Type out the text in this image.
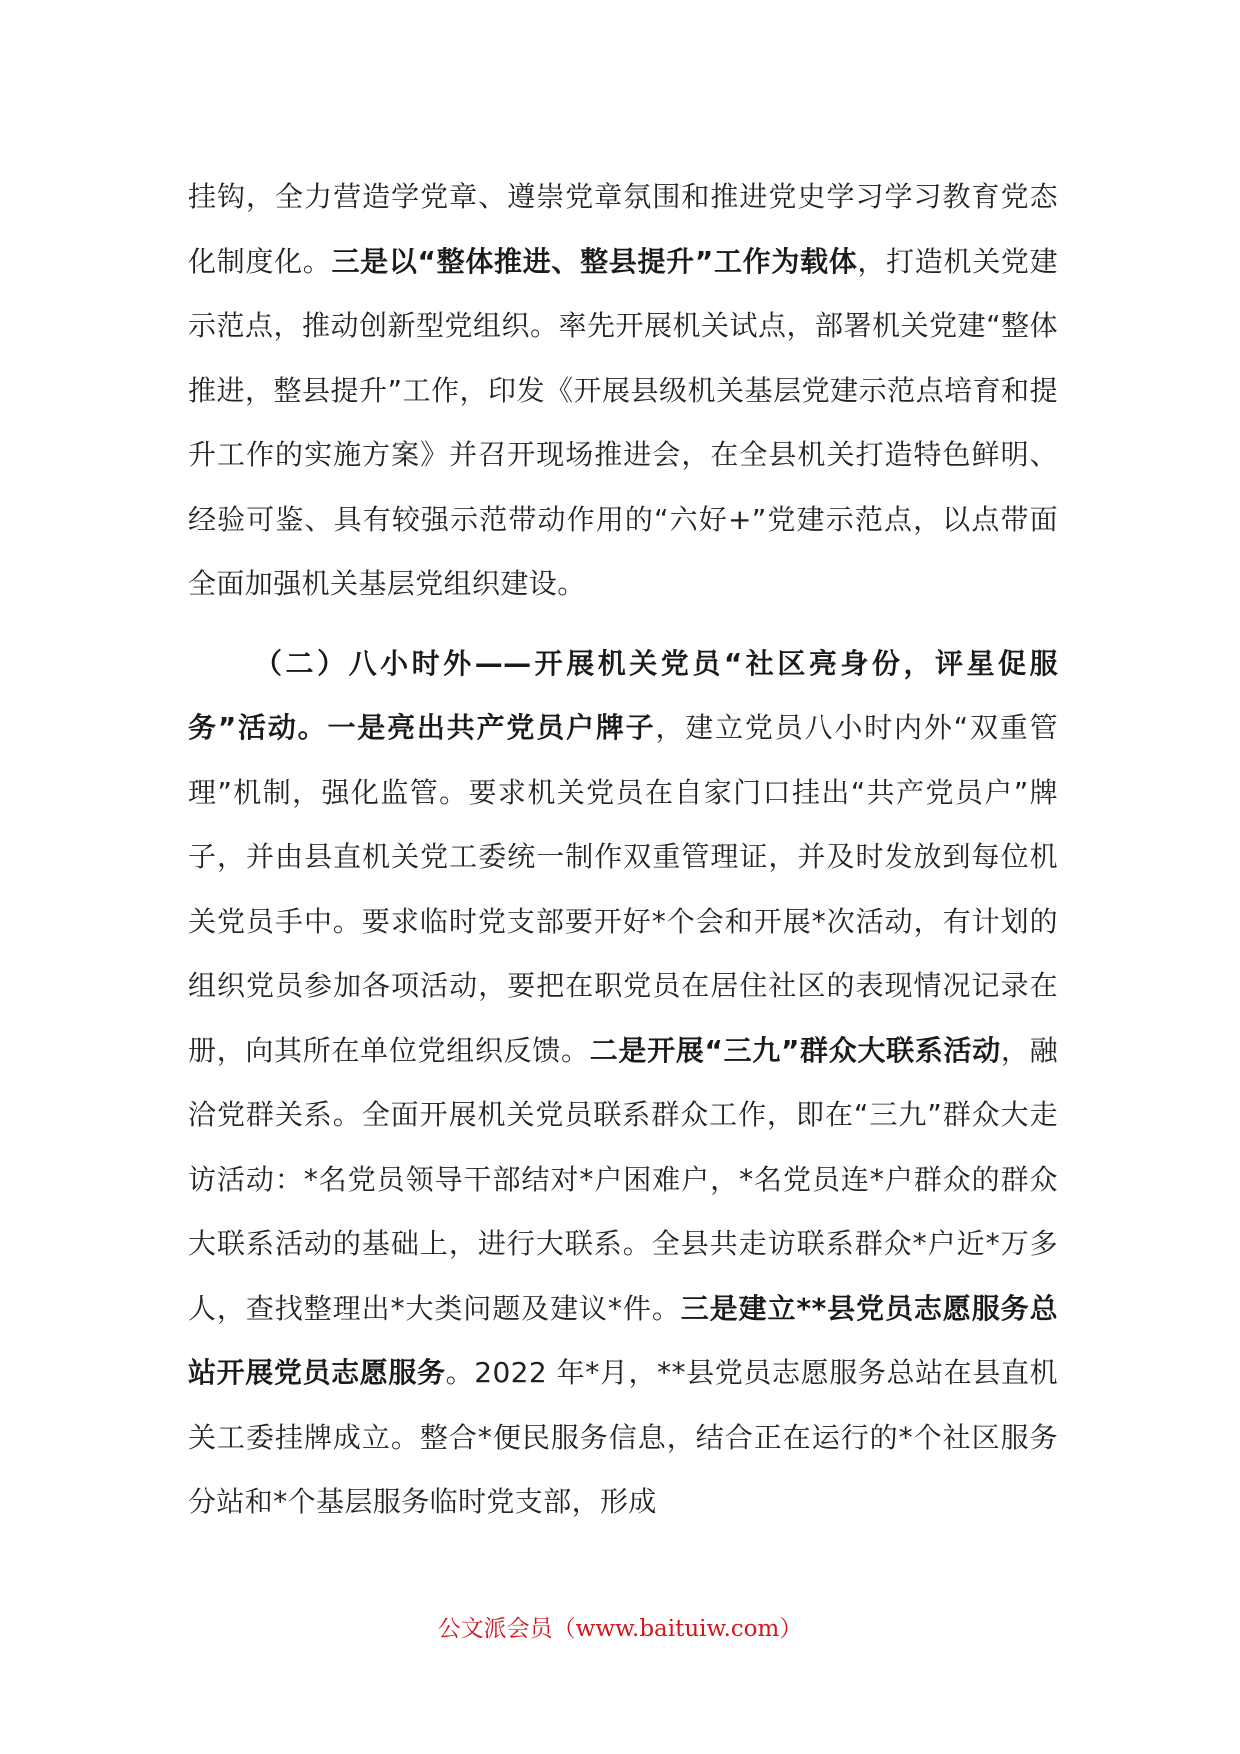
挂钩，全力营造学党章、遵崇党章氛围和推进党史学习学习教育党态化制度化。三是以“整体推进、整县提升”工作为载体，打造机关党建示范点，推动创新型党组织。率先开展机关试点，部署机关党建“整体推进，整县提升”工作，印发《开展县级机关基层党建示范点培育和提升工作的实施方案》并召开现场推进会，在全县机关打造特色鲜明、经验可鉴、具有较强示范带动作用的“六好+”党建示范点，以点带面全面加强机关基层党组织建设。

（二）八小时外——开展机关党员“社区亮身份，评星促服务”活动。一是亮出共产党员户牌子，建立党员八小时内外“双重管理”机制，强化监管。要求机关党员在自家门口挂出“共产党员户”牌子，并由县直机关党工委统一制作双重管理证，并及时发放到每位机关党员手中。要求临时党支部要开好*个会和开展*次活动，有计划的组织党员参加各项活动，要把在职党员在居住社区的表现情况记录在册，向其所在单位党组织反馈。二是开展“三九”群众大联系活动，融洽党群关系。全面开展机关党员联系群众工作，即在“三九”群众大走访活动：*名党员领导干部结对*户困难户，*名党员连*户群众的群众大联系活动的基础上，进行大联系。全县共走访联系群众*户近*万多人，查找整理出*大类问题及建议*件。三是建立**县党员志愿服务总站开展党员志愿服务。2022 年*月，**县党员志愿服务总站在县直机关工委挂牌成立。整合*便民服务信息，结合正在运行的*个社区服务分站和*个基层服务临时党支部，形成

公文派会员（www.baituiw.com）
